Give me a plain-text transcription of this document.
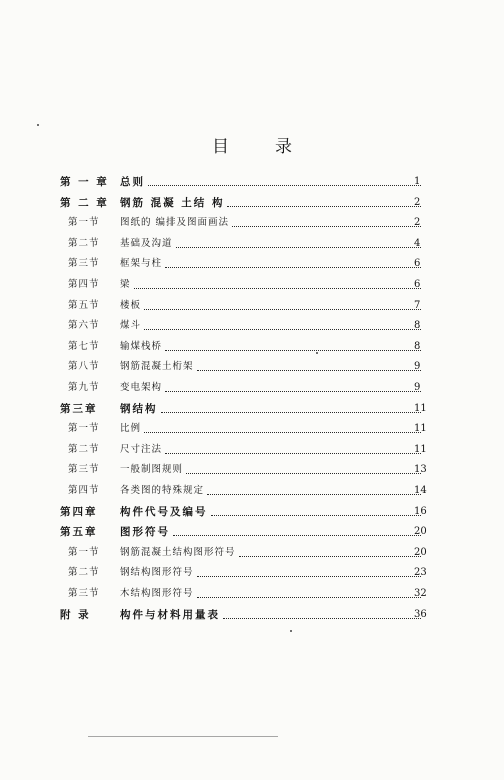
目	录
第 一 章 总则	1
第 二 章 钢筋 混凝 土结 构	2
第一节 图纸的 编排及图面画法	2
第二节 基础及沟道	4
第三节 框架与柱	6
第四节 梁	6
第五节 楼板	7
第六节 煤斗	8
第七节 输煤栈桥	8
第八节 钢筋混凝土桁架	9
第九节 变电架构	9
第三章 钢结构	11
第一节 比例	11
第二节 尺寸注法	11
第三节 一般制图规则	13
第四节 各类图的特殊规定	14
第四章 构件代号及编号	16
第五章 图形符号	20
第一节 钢筋混凝土结构图形符号	20
第二节 钢结构图形符号	23
第三节 木结构图形符号	32
附 录	构件与材料用量表	36
